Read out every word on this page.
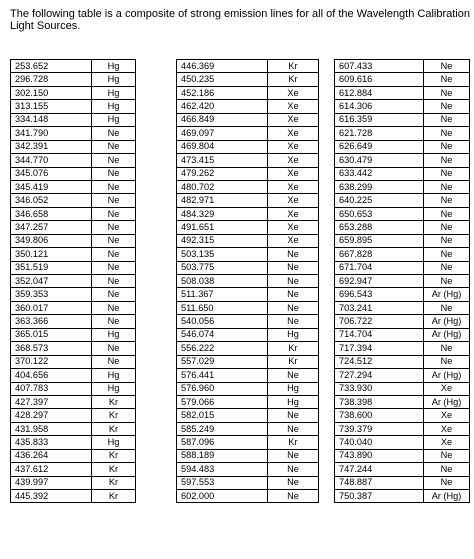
The following table is a composite of strong emission lines for all of the Wavelength Calibration
Light Sources.

253.652	Hg
296.728	Hg
302.150	Hg
313.155	Hg
334.148	Hg
341.790	Ne
342.391	Ne
344.770	Ne
345.076	Ne
345.419	Ne
346.052	Ne
346.658	Ne
347.257	Ne
349.806	Ne
350.121	Ne
351.519	Ne
352.047	Ne
359.353	Ne
360.017	Ne
363.366	Ne
365.015	Hg
368.573	Ne
370.122	Ne
404.656	Hg
407.783	Hg
427.397	Kr
428.297	Kr
431.958	Kr
435.833	Hg
436.264	Kr
437.612	Kr
439.997	Kr
445.392	Kr
446.369	Kr
450.235	Kr
452.186	Xe
462.420	Xe
466.849	Xe
469.097	Xe
469.804	Xe
473.415	Xe
479.262	Xe
480.702	Xe
482.971	Xe
484.329	Xe
491.651	Xe
492.315	Xe
503.135	Ne
503.775	Ne
508.038	Ne
511.367	Ne
511.650	Ne
540.056	Ne
546.074	Hg
556.222	Kr
557.029	Kr
576.441	Ne
576.960	Hg
579.066	Hg
582.015	Ne
585.249	Ne
587.096	Kr
588.189	Ne
594.483	Ne
597.553	Ne
602.000	Ne
607.433	Ne
609.616	Ne
612.884	Ne
614.306	Ne
616.359	Ne
621.728	Ne
626.649	Ne
630.479	Ne
633.442	Ne
638.299	Ne
640.225	Ne
650.653	Ne
653.288	Ne
659.895	Ne
667.828	Ne
671.704	Ne
692.947	Ne
696.543	Ar (Hg)
703.241	Ne
706.722	Ar (Hg)
714.704	Ar (Hg)
717.394	Ne
724.512	Ne
727.294	Ar (Hg)
733.930	Xe
738.398	Ar (Hg)
738.600	Xe
739.379	Xe
740.040	Xe
743.890	Ne
747.244	Ne
748.887	Ne
750.387	Ar (Hg)
